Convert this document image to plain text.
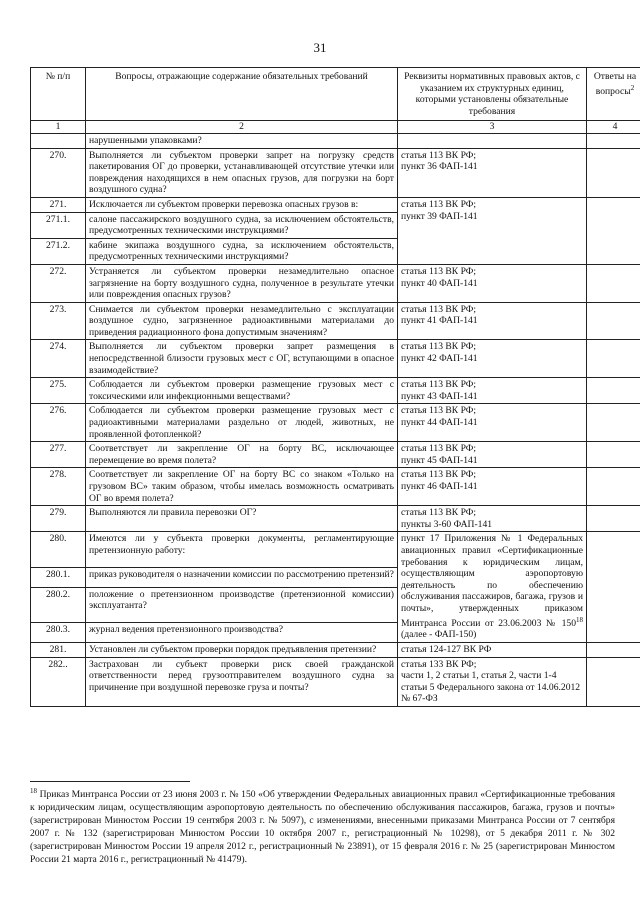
31
№ п/п	Вопросы, отражающие содержание обязательных требований	Реквизиты нормативных правовых актов, с указанием их структурных единиц, которыми установлены обязательные требования	Ответы на вопросы$^2$
1	2	3	4
	нарушенными упаковками?		
270.	Выполняется ли субъектом проверки запрет на погрузку средств пакетирования ОГ до проверки, устанавливающей отсутствие утечки или повреждения находящихся в нем опасных грузов, для погрузки на борт воздушного судна?	статья 113 ВК РФ;
пункт 36 ФАП-141	
271.	Исключается ли субъектом проверки перевозка опасных грузов в:	статья 113 ВК РФ;
пункт 39 ФАП-141	
271.1.	салоне пассажирского воздушного судна, за исключением обстоятельств, предусмотренных техническими инструкциями?		
271.2.	кабине экипажа воздушного судна, за исключением обстоятельств, предусмотренных техническими инструкциями?		
272.	Устраняется ли субъектом проверки незамедлительно опасное загрязнение на борту воздушного судна, полученное в результате утечки или повреждения опасных грузов?	статья 113 ВК РФ;
пункт 40 ФАП-141	
273.	Снимается ли субъектом проверки незамедлительно с эксплуатации воздушное судно, загрязненное радиоактивными материалами до приведения радиационного фона допустимым значениям?	статья 113 ВК РФ;
пункт 41 ФАП-141	
274.	Выполняется ли субъектом проверки запрет размещения в непосредственной близости грузовых мест с ОГ, вступающими в опасное взаимодействие?	статья 113 ВК РФ;
пункт 42 ФАП-141	
275.	Соблюдается ли субъектом проверки размещение грузовых мест с токсическими или инфекционными веществами?	статья 113 ВК РФ;
пункт 43 ФАП-141	
276.	Соблюдается ли субъектом проверки размещение грузовых мест с радиоактивными материалами раздельно от людей, животных, не проявленной фотопленкой?	статья 113 ВК РФ;
пункт 44 ФАП-141	
277.	Соответствует ли закрепление ОГ на борту ВС, исключающее перемещение во время полета?	статья 113 ВК РФ;
пункт 45 ФАП-141	
278.	Соответствует ли закрепление ОГ на борту ВС со знаком «Только на грузовом ВС» таким образом, чтобы имелась возможность осматривать ОГ во время полета?	статья 113 ВК РФ;
пункт 46 ФАП-141	
279.	Выполняются ли правила перевозки ОГ?	статья 113 ВК РФ;
пункты 3-60 ФАП-141	
280.	Имеются ли у субъекта проверки документы, регламентирующие претензионную работу:	пункт 17 Приложения № 1 Федеральных авиационных правил «Сертификационные требования к юридическим лицам, осуществляющим аэропортовую деятельность по обеспечению обслуживания пассажиров, багажа, грузов и почты», утвержденных приказом Минтранса России от 23.06.2003 № $150^{18}$ (далее - ФАП-150)	
280.1.	приказ руководителя о назначении комиссии по рассмотрению претензий?		
280.2.	положение о претензионном производстве (претензионной комиссии) эксплуатанта?		
280.3.	журнал ведения претензионного производства?		
281.	Установлен ли субъектом проверки порядок предъявления претензии?	статья 124-127 ВК РФ	
282..	Застрахован ли субъект проверки риск своей гражданской ответственности перед грузоотправителем воздушного судна за причинение при воздушной перевозке груза и почты?	статья 133 ВК РФ;
части 1, 2 статьи 1, статья 2, части 1-4 статьи 5 Федерального закона от 14.06.2012 № 67-ФЗ	
$^{18}$ Приказ Минтранса России от 23 июня 2003 г. № 150 «Об утверждении Федеральных авиационных правил «Сертификационные требования к юридическим лицам, осуществляющим аэропортовую деятельность по обеспечению обслуживания пассажиров, багажа, грузов и почты» (зарегистрирован Минюстом России 19 сентября 2003 г. № 5097), с изменениями, внесенными приказами Минтранса России от 7 сентября 2007 г. № 132 (зарегистрирован Минюстом России 10 октября 2007 г., регистрационный № 10298), от 5 декабря 2011 г. № 302 (зарегистрирован Минюстом России 19 апреля 2012 г., регистрационный № 23891), от 15 февраля 2016 г. № 25 (зарегистрирован Минюстом России 21 марта 2016 г., регистрационный № 41479).
